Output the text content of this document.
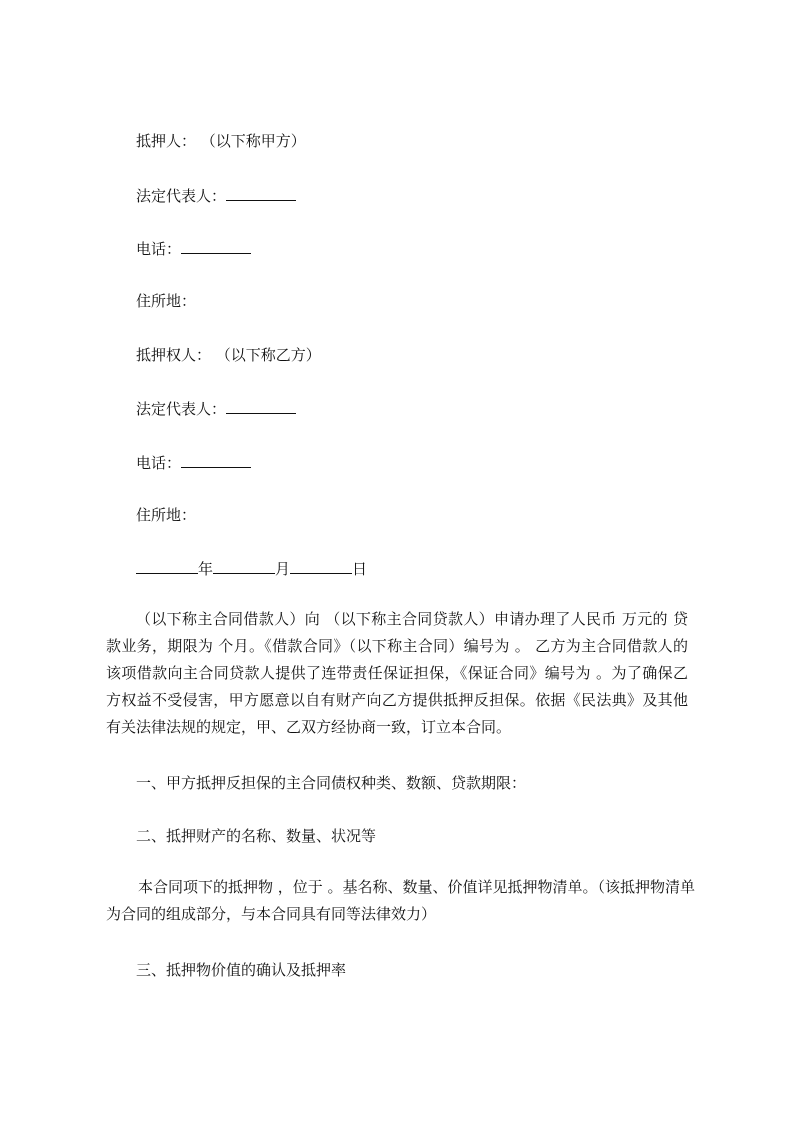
抵押人： （以下称甲方）
法定代表人：
电话：
住所地：
抵押权人： （以下称乙方）
法定代表人：
电话：
住所地：
年	月	日
（以下称主合同借款人）向 （以下称主合同贷款人）申请办理了人民币 万元的 贷款业务，期限为 个月。《借款合同》（以下称主合同）编号为 。 乙方为主合同借款人的该项借款向主合同贷款人提供了连带责任保证担保，《保证合同》编号为 。为了确保乙方权益不受侵害，甲方愿意以自有财产向乙方提供抵押反担保。依据《民法典》及其他有关法律法规的规定，甲、乙双方经协商一致，订立本合同。
一、甲方抵押反担保的主合同债权种类、数额、贷款期限：
二、抵押财产的名称、数量、状况等
本合同项下的抵押物 ，位于 。基名称、数量、价值详见抵押物清单。（该抵押物清单为合同的组成部分，与本合同具有同等法律效力）
三、抵押物价值的确认及抵押率
